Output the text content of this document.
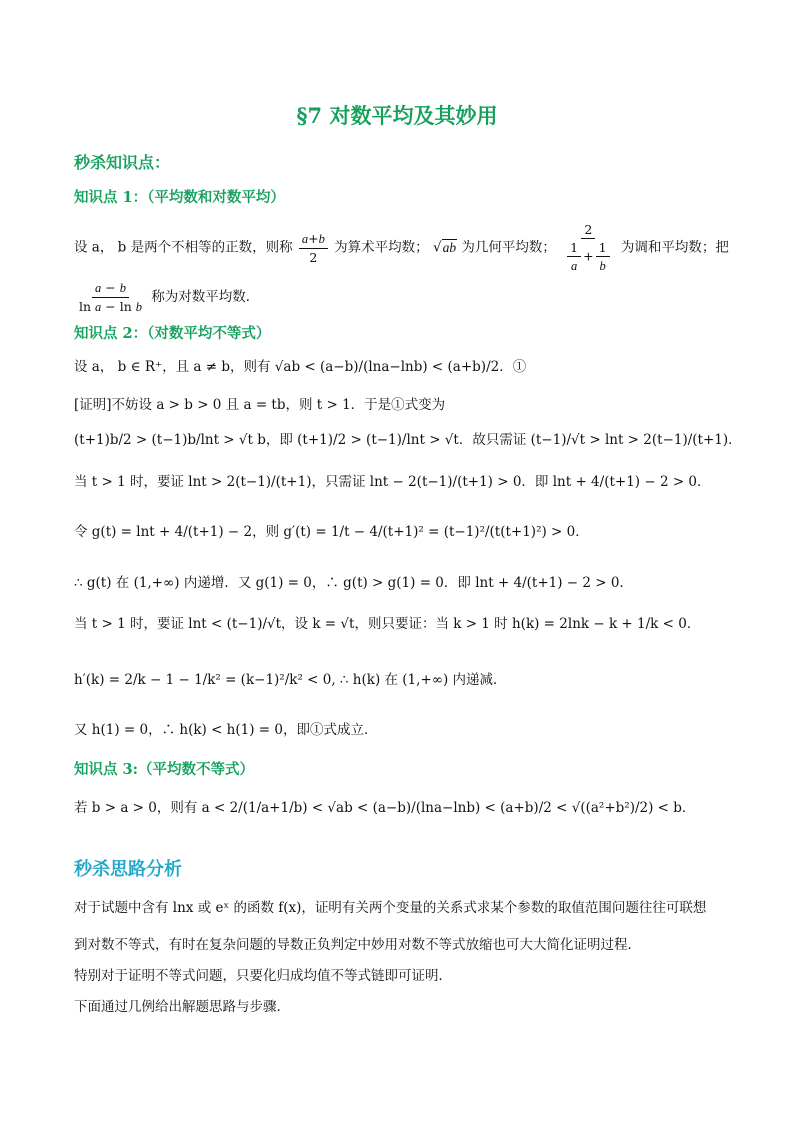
§7 对数平均及其妙用
秒杀知识点：
知识点 1：（平均数和对数平均）
设 a， b 是两个不相等的正数，则称 $\frac{a+b}{2}$ 为算术平均数； √ab 为几何平均数； $\frac{2}{\frac{1}{a} + \frac{1}{b}}$ 为调和平均数；把
$\frac{a - b}{\text{ln a − ln b}}$ 称为对数平均数．
知识点 2：（对数平均不等式）
设 a， b ∈ R⁺，且 a ≠ b，则有 √ab < (a−b)/(lna−lnb) < (a+b)/2．①
[证明]不妨设 a > b > 0 且 a = tb，则 t > 1．于是①式变为
(t+1)b/2 > (t−1)b/lnt > √t b，即 (t+1)/2 > (t−1)/lnt > √t．故只需证 (t−1)/√t > lnt > 2(t−1)/(t+1)．
当 t > 1 时，要证 lnt > 2(t−1)/(t+1)，只需证 lnt − 2(t−1)/(t+1) > 0．即 lnt + 4/(t+1) − 2 > 0．
令 g(t) = lnt + 4/(t+1) − 2，则 g′(t) = 1/t − 4/(t+1)² = (t−1)²/(t(t+1)²) > 0．
∴ g(t) 在 (1,+∞) 内递增．又 g(1) = 0，∴ g(t) > g(1) = 0．即 lnt + 4/(t+1) − 2 > 0．
当 t > 1 时，要证 lnt < (t−1)/√t，设 k = √t，则只要证：当 k > 1 时 h(k) = 2lnk − k + 1/k < 0．
h′(k) = 2/k − 1 − 1/k² = (k−1)²/k² < 0, ∴ h(k) 在 (1,+∞) 内递减．
又 h(1) = 0，∴ h(k) < h(1) = 0，即①式成立．
知识点 3:（平均数不等式）
若 b > a > 0，则有 a < 2/(1/a+1/b) < √ab < (a−b)/(lna−lnb) < (a+b)/2 < √((a²+b²)/2) < b．
秒杀思路分析
对于试题中含有 lnx 或 eˣ 的函数 f(x)，证明有关两个变量的关系式求某个参数的取值范围问题往往可联想
到对数不等式，有时在复杂问题的导数正负判定中妙用对数不等式放缩也可大大简化证明过程．
特别对于证明不等式问题，只要化归成均值不等式链即可证明．
下面通过几例给出解题思路与步骤．
